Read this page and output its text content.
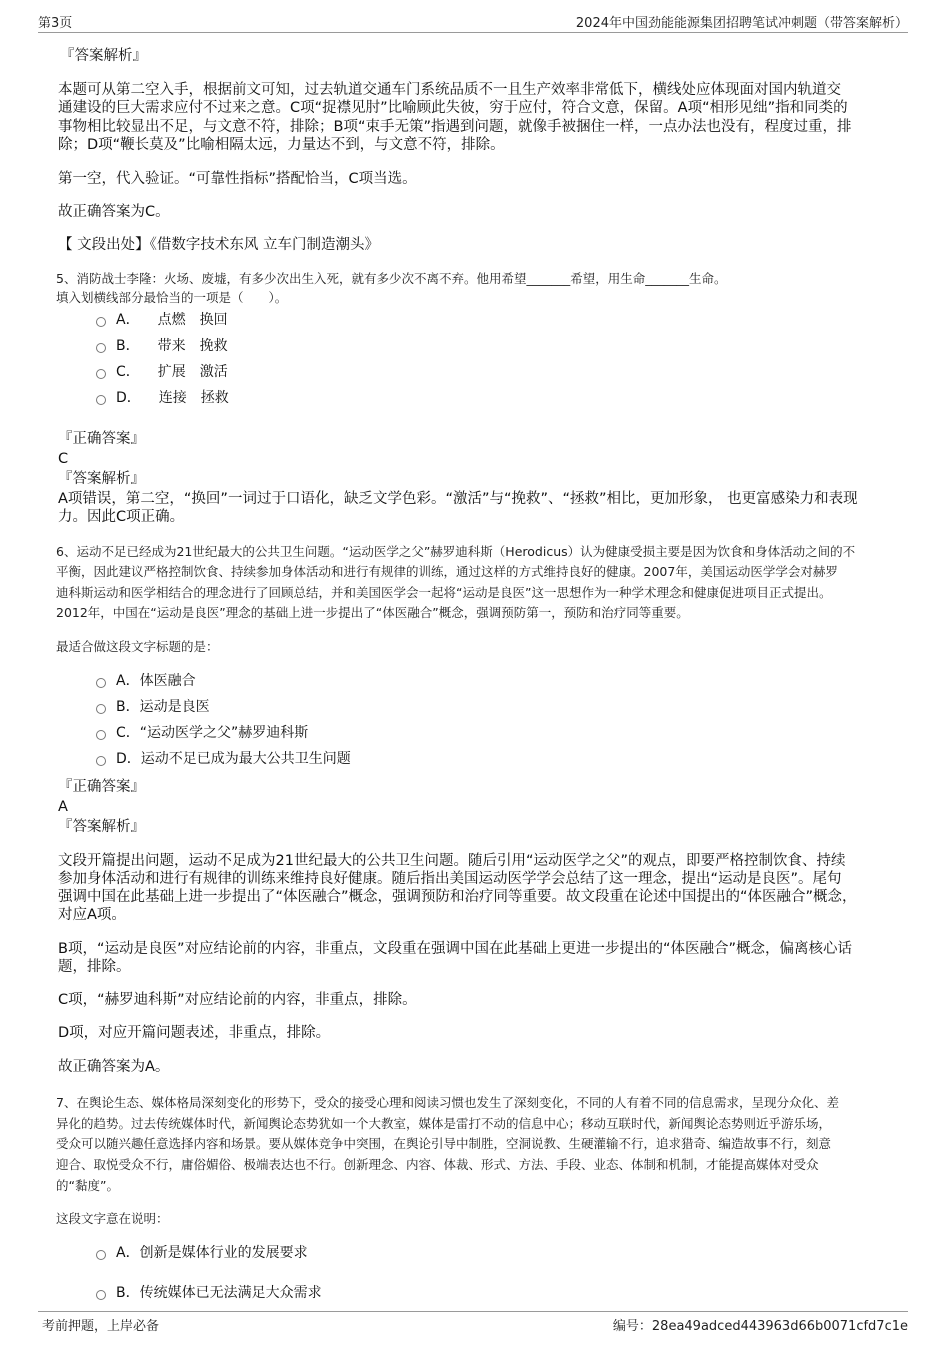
第3页	2024年中国劲能能源集团招聘笔试冲刺题（带答案解析）
『答案解析』
本题可从第二空入手，根据前文可知，过去轨道交通车门系统品质不一且生产效率非常低下，横线处应体现面对国内轨道交
通建设的巨大需求应付不过来之意。C项“捉襟见肘”比喻顾此失彼，穷于应付，符合文意，保留。A项“相形见绌”指和同类的
事物相比较显出不足，与文意不符，排除；B项“束手无策”指遇到问题，就像手被捆住一样，一点办法也没有，程度过重，排
除；D项“鞭长莫及”比喻相隔太远，力量达不到，与文意不符，排除。
第一空，代入验证。“可靠性指标”搭配恰当，C项当选。
故正确答案为C。
【 文段出处】《借数字技术东风 立车门制造潮头》
5、消防战士李隆：火场、废墟，有多少次出生入死，就有多少次不离不弃。他用希望_______希望，用生命_______生命。
填入划横线部分最恰当的一项是（　　）。
A． 点燃　换回
B． 带来　挽救
C． 扩展　激活
D． 连接　拯救
『正确答案』
C
『答案解析』
A项错误，第二空，“换回”一词过于口语化，缺乏文学色彩。“激活”与“挽救”、“拯救”相比，更加形象， 也更富感染力和表现
力。因此C项正确。
6、运动不足已经成为21世纪最大的公共卫生问题。“运动医学之父”赫罗迪科斯（Herodicus）认为健康受损主要是因为饮食和身体活动之间的不
平衡，因此建议严格控制饮食、持续参加身体活动和进行有规律的训练，通过这样的方式维持良好的健康。2007年，美国运动医学学会对赫罗
迪科斯运动和医学相结合的理念进行了回顾总结，并和美国医学会一起将“运动是良医”这一思想作为一种学术理念和健康促进项目正式提出。
2012年，中国在“运动是良医”理念的基础上进一步提出了“体医融合”概念，强调预防第一，预防和治疗同等重要。
最适合做这段文字标题的是：
A． 体医融合
B． 运动是良医
C． “运动医学之父”赫罗迪科斯
D． 运动不足已成为最大公共卫生问题
『正确答案』
A
『答案解析』
文段开篇提出问题，运动不足成为21世纪最大的公共卫生问题。随后引用“运动医学之父”的观点，即要严格控制饮食、持续
参加身体活动和进行有规律的训练来维持良好健康。随后指出美国运动医学学会总结了这一理念，提出“运动是良医”。尾句
强调中国在此基础上进一步提出了“体医融合”概念，强调预防和治疗同等重要。故文段重在论述中国提出的“体医融合”概念，
对应A项。
B项，“运动是良医”对应结论前的内容，非重点，文段重在强调中国在此基础上更进一步提出的“体医融合”概念，偏离核心话
题，排除。
C项，“赫罗迪科斯”对应结论前的内容，非重点，排除。
D项，对应开篇问题表述，非重点，排除。
故正确答案为A。
7、在舆论生态、媒体格局深刻变化的形势下，受众的接受心理和阅读习惯也发生了深刻变化，不同的人有着不同的信息需求，呈现分众化、差
异化的趋势。过去传统媒体时代，新闻舆论态势犹如一个大教室，媒体是雷打不动的信息中心；移动互联时代，新闻舆论态势则近乎游乐场，
受众可以随兴趣任意选择内容和场景。要从媒体竞争中突围，在舆论引导中制胜，空洞说教、生硬灌输不行，追求猎奇、编造故事不行，刻意
迎合、取悦受众不行，庸俗媚俗、极端表达也不行。创新理念、内容、体裁、形式、方法、手段、业态、体制和机制，才能提高媒体对受众
的“黏度”。
这段文字意在说明：
A． 创新是媒体行业的发展要求
B． 传统媒体已无法满足大众需求
考前押题，上岸必备	编号：28ea49adced443963d66b0071cfd7c1e
